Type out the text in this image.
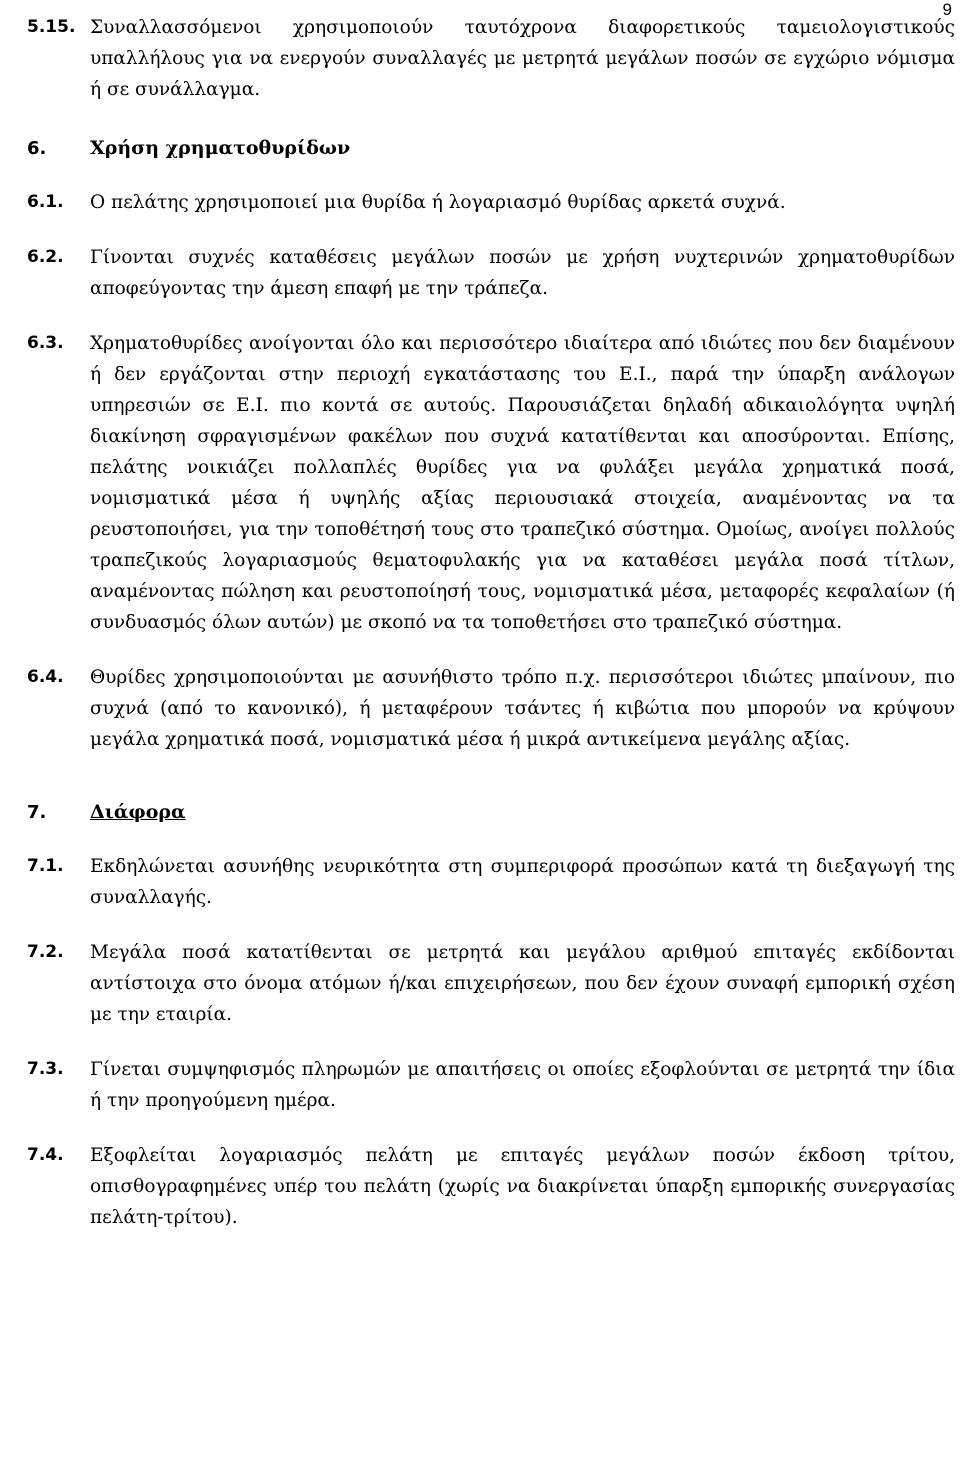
9
5.15. Συναλλασσόμενοι χρησιμοποιούν ταυτόχρονα διαφορετικούς ταμειολογιστικούς υπαλλήλους για να ενεργούν συναλλαγές με μετρητά μεγάλων ποσών σε εγχώριο νόμισμα ή σε συνάλλαγμα.
6.	Χρήση χρηματοθυρίδων
6.1.	Ο πελάτης χρησιμοποιεί μια θυρίδα ή λογαριασμό θυρίδας αρκετά συχνά.
6.2.	Γίνονται συχνές καταθέσεις μεγάλων ποσών με χρήση νυχτερινών χρηματοθυρίδων αποφεύγοντας την άμεση επαφή με την τράπεζα.
6.3.	Χρηματοθυρίδες ανοίγονται όλο και περισσότερο ιδιαίτερα από ιδιώτες που δεν διαμένουν ή δεν εργάζονται στην περιοχή εγκατάστασης του Ε.Ι., παρά την ύπαρξη ανάλογων υπηρεσιών σε Ε.Ι. πιο κοντά σε αυτούς. Παρουσιάζεται δηλαδή αδικαιολόγητα υψηλή διακίνηση σφραγισμένων φακέλων που συχνά κατατίθενται και αποσύρονται. Επίσης, πελάτης νοικιάζει πολλαπλές θυρίδες για να φυλάξει μεγάλα χρηματικά ποσά, νομισματικά μέσα ή υψηλής αξίας περιουσιακά στοιχεία, αναμένοντας να τα ρευστοποιήσει, για την τοποθέτησή τους στο τραπεζικό σύστημα. Ομοίως, ανοίγει πολλούς τραπεζικούς λογαριασμούς θεματοφυλακής για να καταθέσει μεγάλα ποσά τίτλων, αναμένοντας πώληση και ρευστοποίησή τους, νομισματικά μέσα, μεταφορές κεφαλαίων (ή συνδυασμός όλων αυτών) με σκοπό να τα τοποθετήσει στο τραπεζικό σύστημα.
6.4.	Θυρίδες χρησιμοποιούνται με ασυνήθιστο τρόπο π.χ. περισσότεροι ιδιώτες μπαίνουν, πιο συχνά (από το κανονικό), ή μεταφέρουν τσάντες ή κιβώτια που μπορούν να κρύψουν μεγάλα χρηματικά ποσά, νομισματικά μέσα ή μικρά αντικείμενα μεγάλης αξίας.
7.	Διάφορα
7.1.	Εκδηλώνεται ασυνήθης νευρικότητα στη συμπεριφορά προσώπων κατά τη διεξαγωγή της συναλλαγής.
7.2.	Μεγάλα ποσά κατατίθενται σε μετρητά και μεγάλου αριθμού επιταγές εκδίδονται αντίστοιχα στο όνομα ατόμων ή/και επιχειρήσεων, που δεν έχουν συναφή εμπορική σχέση με την εταιρία.
7.3.	Γίνεται συμψηφισμός πληρωμών με απαιτήσεις οι οποίες εξοφλούνται σε μετρητά την ίδια ή την προηγούμενη ημέρα.
7.4.	Εξοφλείται λογαριασμός πελάτη με επιταγές μεγάλων ποσών έκδοση τρίτου, οπισθογραφημένες υπέρ του πελάτη (χωρίς να διακρίνεται ύπαρξη εμπορικής συνεργασίας πελάτη-τρίτου).
